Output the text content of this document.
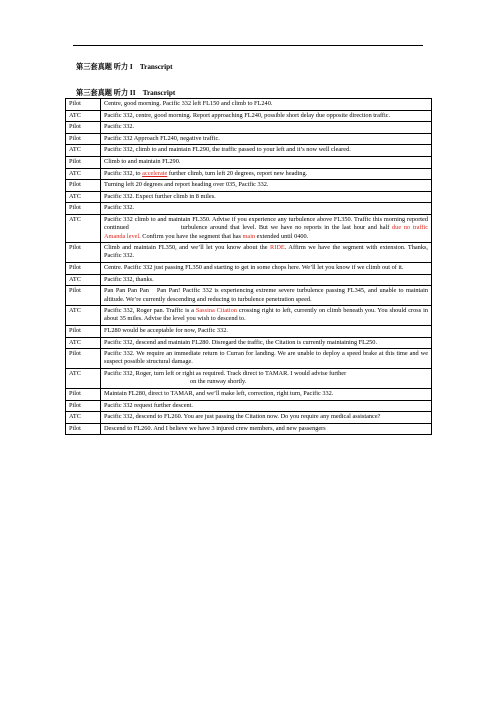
第三套真题 听力 I　Transcript
第三套真题 听力 II　Transcript
Pilot	Centre, good morning. Pacific 332 left FL150 and climb to FL240.
ATC	Pacific 332, centre, good morning. Report approaching FL240, possible short delay due opposite direction traffic.
Pilot	Pacific 332.
Pilot	Pacific 332 Approach FL240, negative traffic.
ATC	Pacific 332, climb to and maintain FL290, the traffic passed to your left and it’s now well cleared.
Pilot	Climb to and maintain FL290.
ATC	Pacific 332, to accelerate further climb, turn left 20 degrees, report new heading.
Pilot	Turning left 20 degrees and report heading over 035, Pacific 332.
ATC	Pacific 332. Expect further climb in 8 miles.
Pilot	Pacific 332.
ATC	Pacific 332 climb to and maintain FL350. Advise if you experience any turbulence above FL350. Traffic this morning reported continued turbulence around that level. But we have no reports in the last hour and half due no traffic Amanda level. Confirm you have the segment that has main extended until 0400.
Pilot	Climb and maintain FL350, and we’ll let you know about the RIDE. Affirm we have the segment with extension. Thanks, Pacific 332.
Pilot	Centre. Pacific 332 just passing FL350 and starting to get in some chops here. We’ll let you know if we climb out of it.
ATC	Pacific 332, thanks.
Pilot	Pan Pan Pan Pan　Pan Pan! Pacific 332 is experiencing extreme severe turbulence passing FL345, and unable to maintain altitude. We’re currently descending and reducing to turbulence penetration speed.
ATC	Pacific 332, Roger pan. Traffic is a Sassina Citation crossing right to left, currently on climb beneath you. You should cross in about 35 miles. Advise the level you wish to descend to.
Pilot	FL280 would be acceptable for now, Pacific 332.
ATC	Pacific 332, descend and maintain FL280. Disregard the traffic, the Citation is currently maintaining FL250.
Pilot	Pacific 332. We require an immediate return to Curran for landing. We are unable to deploy a speed brake at this time and we suspect possible structural damage.
ATC	Pacific 332, Roger, turn left or right as required. Track direct to TAMAR. I would advise further
on the runway shortly.
Pilot	Maintain FL280, direct to TAMAR, and we’ll make left, correction, right turn, Pacific 332.
Pilot	Pacific 332 request further descent.
ATC	Pacific 332, descend to FL260. You are just passing the Citation now. Do you require any medical assistance?
Pilot	Descend to FL260. And I believe we have 3 injured crew members, and new passengers
